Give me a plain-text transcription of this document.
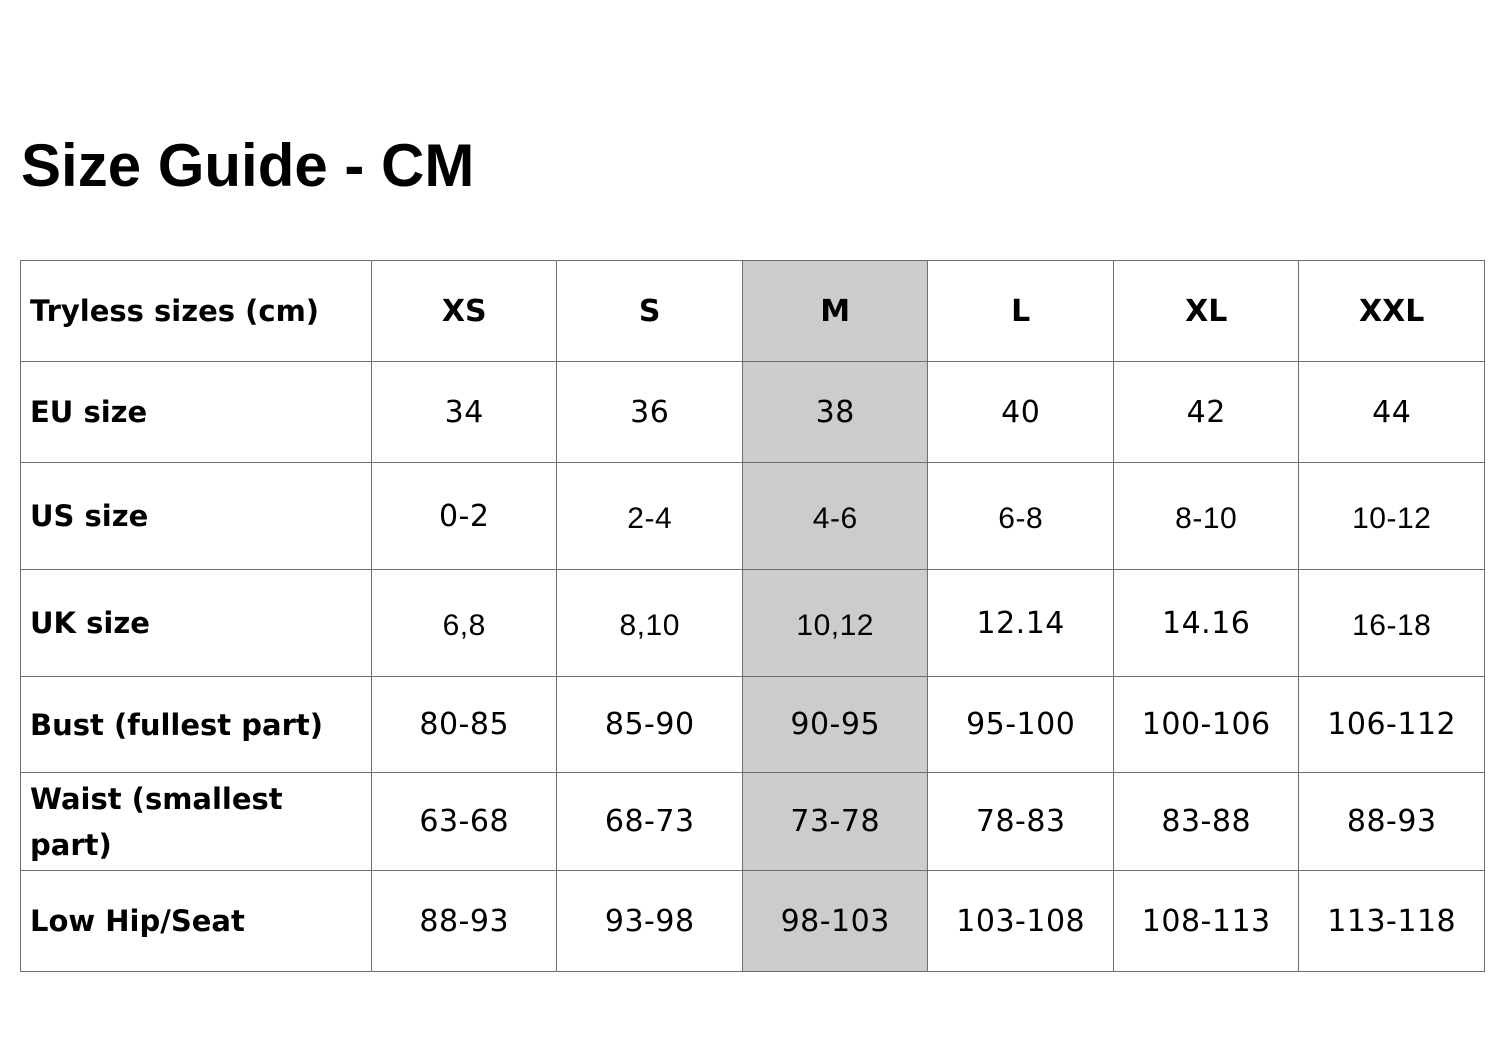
Size Guide - CM
Tryless sizes (cm)	XS	S	M	L	XL	XXL
EU size	34	36	38	40	42	44
US size	0-2	2-4	4-6	6-8	8-10	10-12
UK size	6,8	8,10	10,12	12.14	14.16	16-18
Bust (fullest part)	80-85	85-90	90-95	95-100	100-106	106-112
Waist (smallest part)	63-68	68-73	73-78	78-83	83-88	88-93
Low Hip/Seat	88-93	93-98	98-103	103-108	108-113	113-118
